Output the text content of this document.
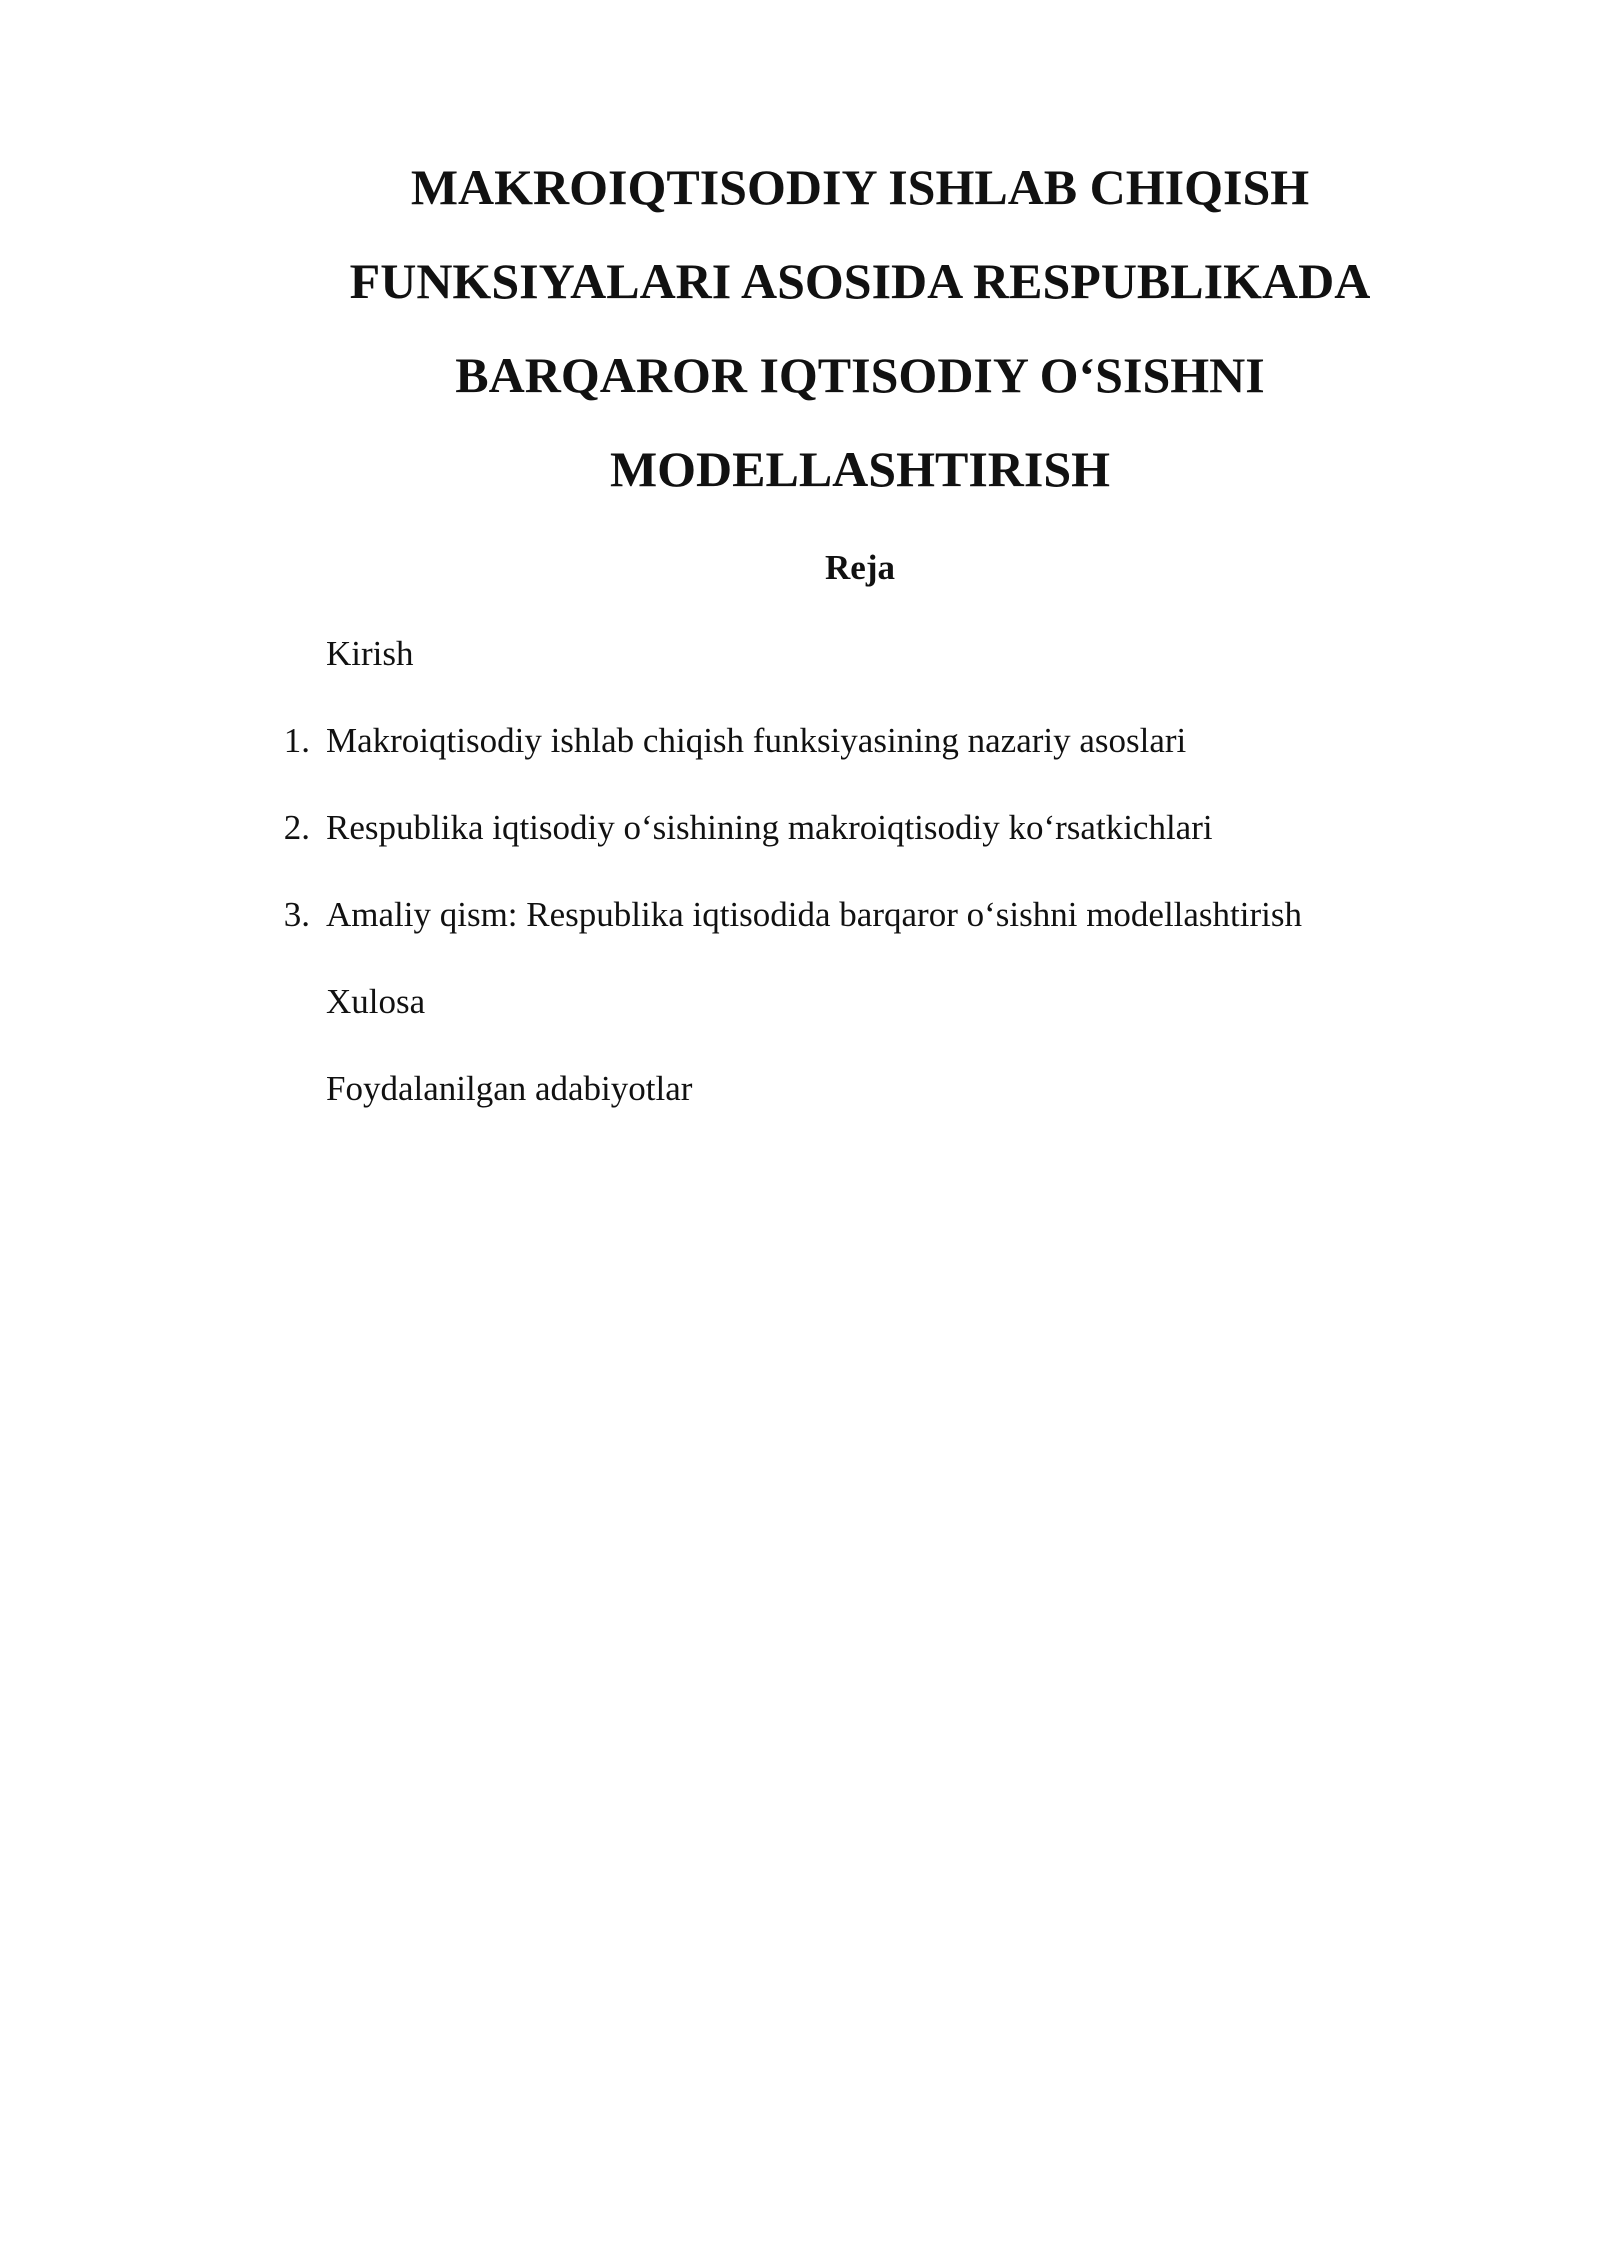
MAKROIQTISODIY ISHLAB CHIQISH
FUNKSIYALARI ASOSIDA RESPUBLIKADA
BARQAROR IQTISODIY O‘SISHNI
MODELLASHTIRISH
Reja
Kirish
1. Makroiqtisodiy ishlab chiqish funksiyasining nazariy asoslari
2. Respublika iqtisodiy o‘sishining makroiqtisodiy ko‘rsatkichlari
3. Amaliy qism: Respublika iqtisodida barqaror o‘sishni modellashtirish
Xulosa
Foydalanilgan adabiyotlar
